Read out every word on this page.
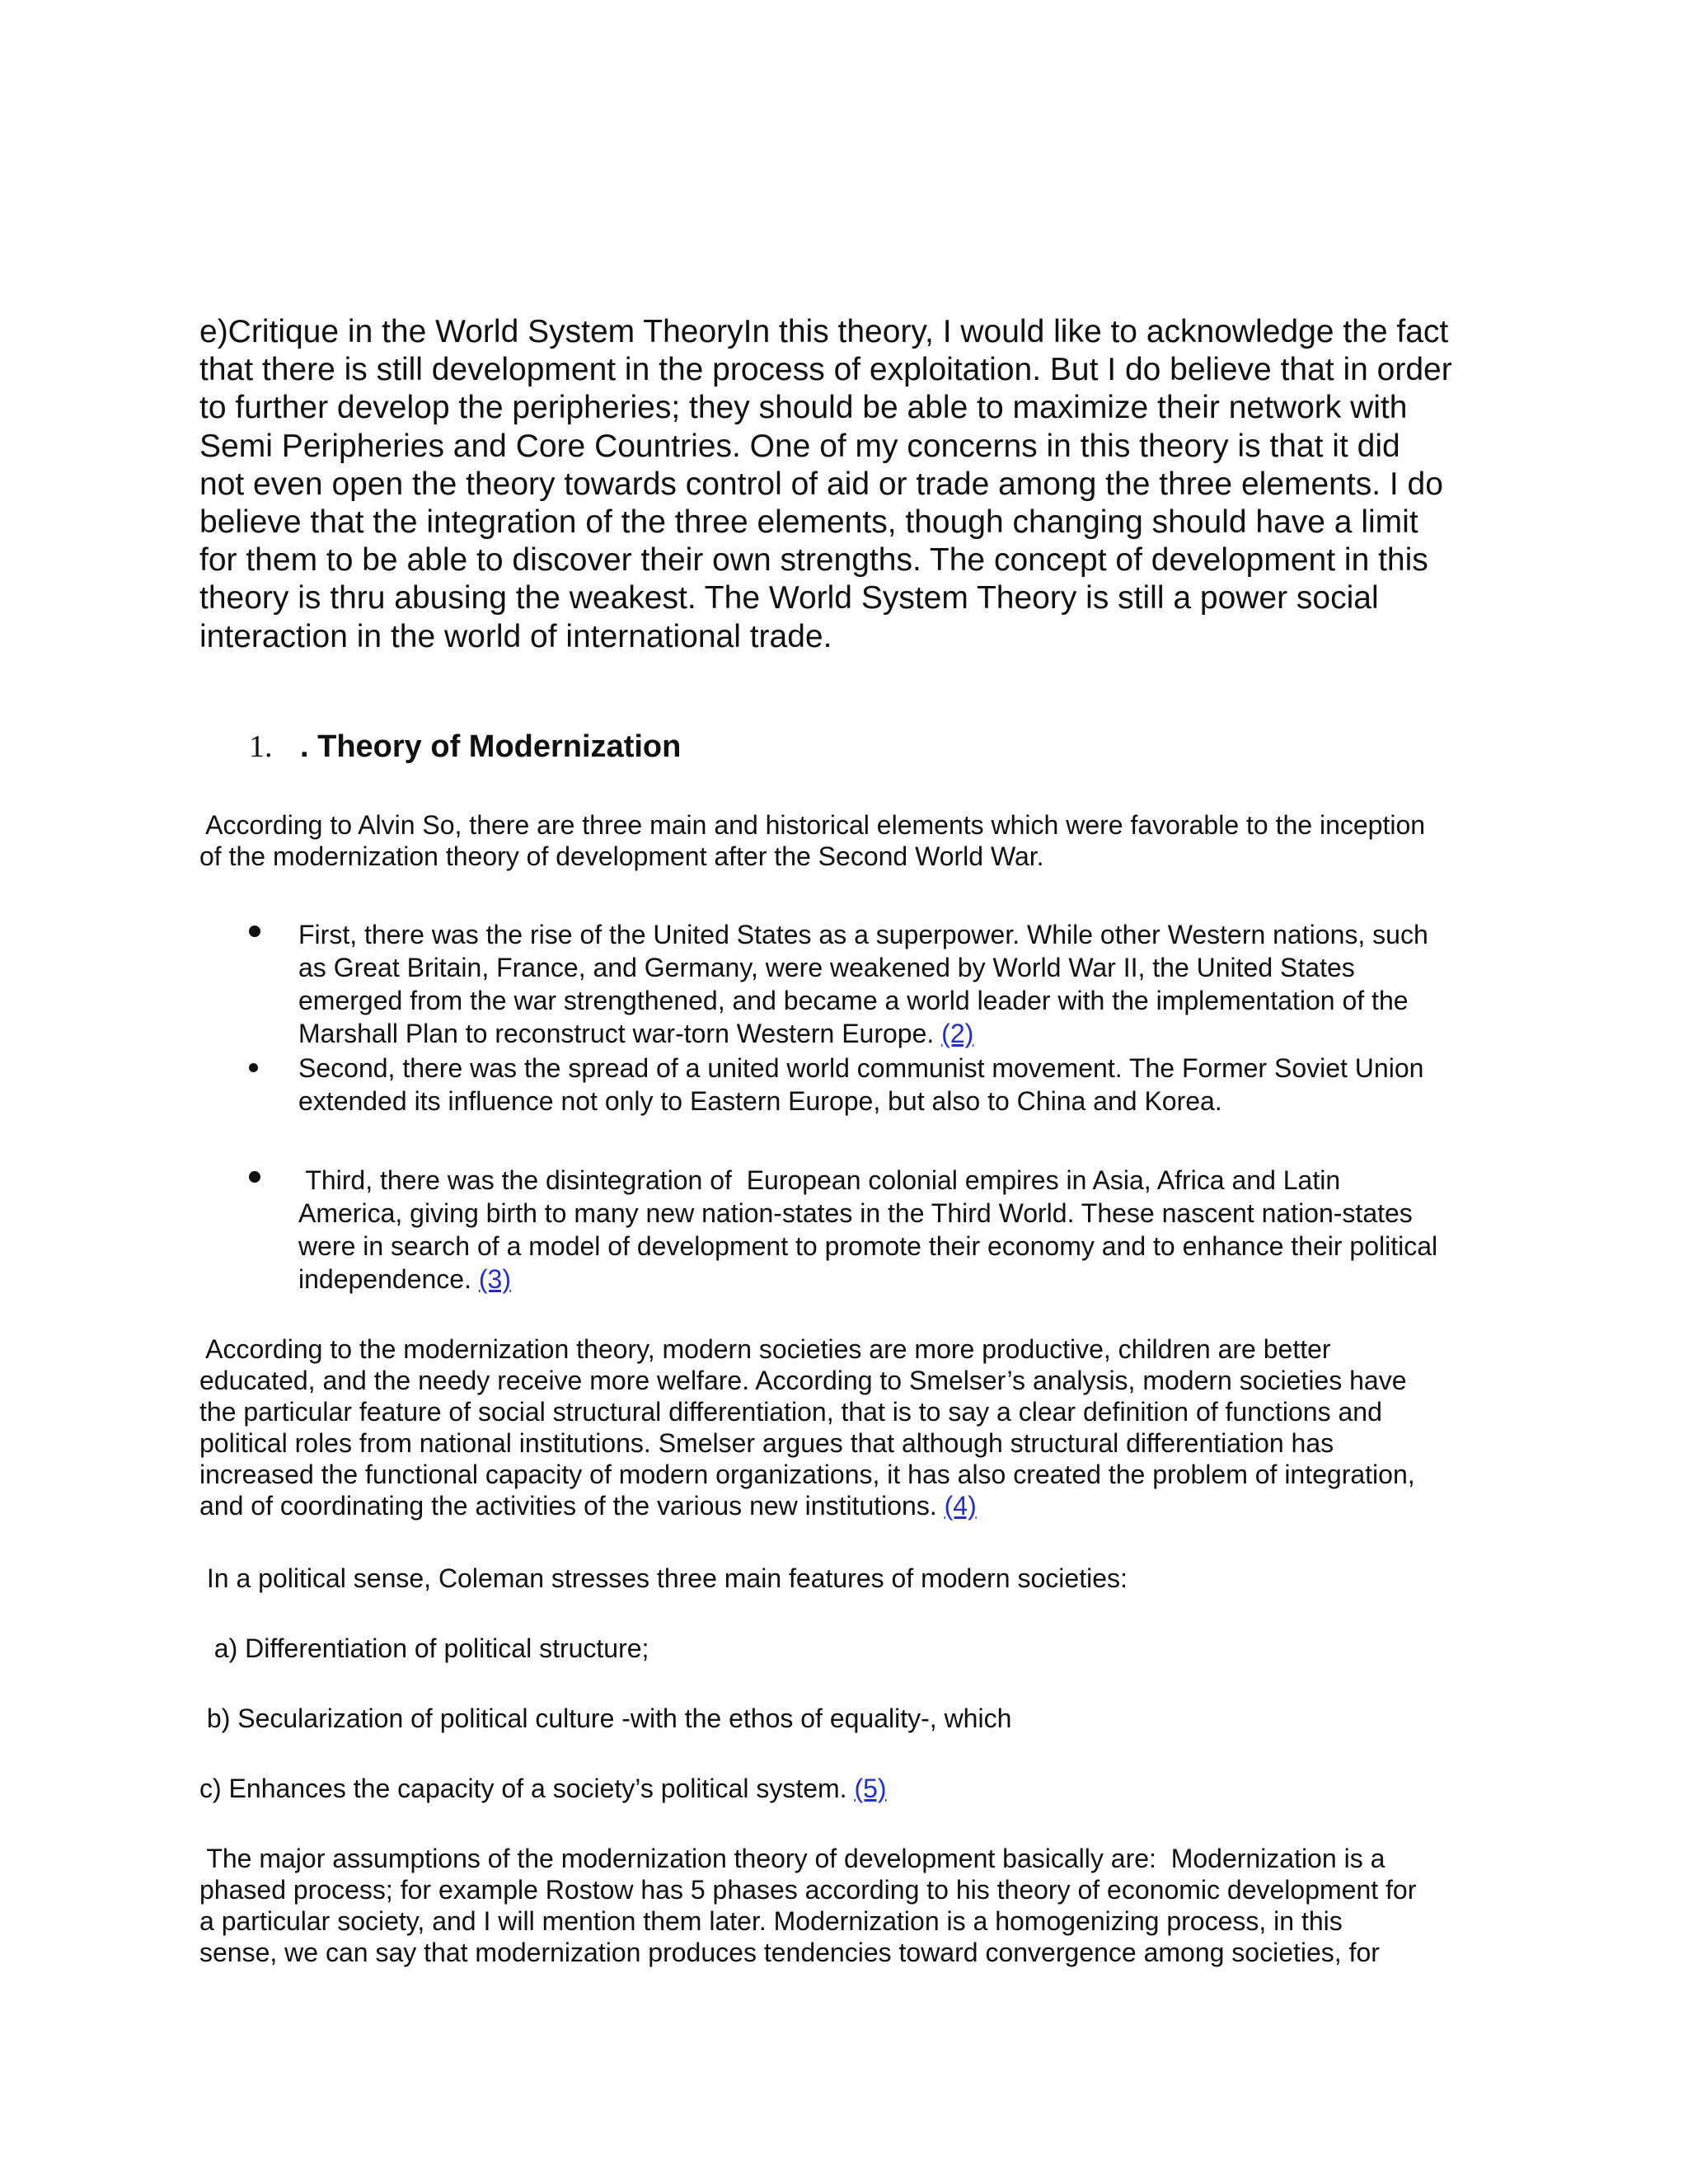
e)Critique in the World System TheoryIn this theory, I would like to acknowledge the fact
that there is still development in the process of exploitation. But I do believe that in order
to further develop the peripheries; they should be able to maximize their network with
Semi Peripheries and Core Countries. One of my concerns in this theory is that it did
not even open the theory towards control of aid or trade among the three elements. I do
believe that the integration of the three elements, though changing should have a limit
for them to be able to discover their own strengths. The concept of development in this
theory is thru abusing the weakest. The World System Theory is still a power social
interaction in the world of international trade.
1. . Theory of Modernization
According to Alvin So, there are three main and historical elements which were favorable to the inception
of the modernization theory of development after the Second World War.
First, there was the rise of the United States as a superpower. While other Western nations, such
as Great Britain, France, and Germany, were weakened by World War II, the United States
emerged from the war strengthened, and became a world leader with the implementation of the
Marshall Plan to reconstruct war-torn Western Europe. (2)
Second, there was the spread of a united world communist movement. The Former Soviet Union
extended its influence not only to Eastern Europe, but also to China and Korea.
Third, there was the disintegration of  European colonial empires in Asia, Africa and Latin
America, giving birth to many new nation-states in the Third World. These nascent nation-states
were in search of a model of development to promote their economy and to enhance their political
independence. (3)
According to the modernization theory, modern societies are more productive, children are better
educated, and the needy receive more welfare. According to Smelser’s analysis, modern societies have
the particular feature of social structural differentiation, that is to say a clear definition of functions and
political roles from national institutions. Smelser argues that although structural differentiation has
increased the functional capacity of modern organizations, it has also created the problem of integration,
and of coordinating the activities of the various new institutions. (4)
In a political sense, Coleman stresses three main features of modern societies:
a) Differentiation of political structure;
b) Secularization of political culture -with the ethos of equality-, which
c) Enhances the capacity of a society’s political system. (5)
The major assumptions of the modernization theory of development basically are:  Modernization is a
phased process; for example Rostow has 5 phases according to his theory of economic development for
a particular society, and I will mention them later. Modernization is a homogenizing process, in this
sense, we can say that modernization produces tendencies toward convergence among societies, for
